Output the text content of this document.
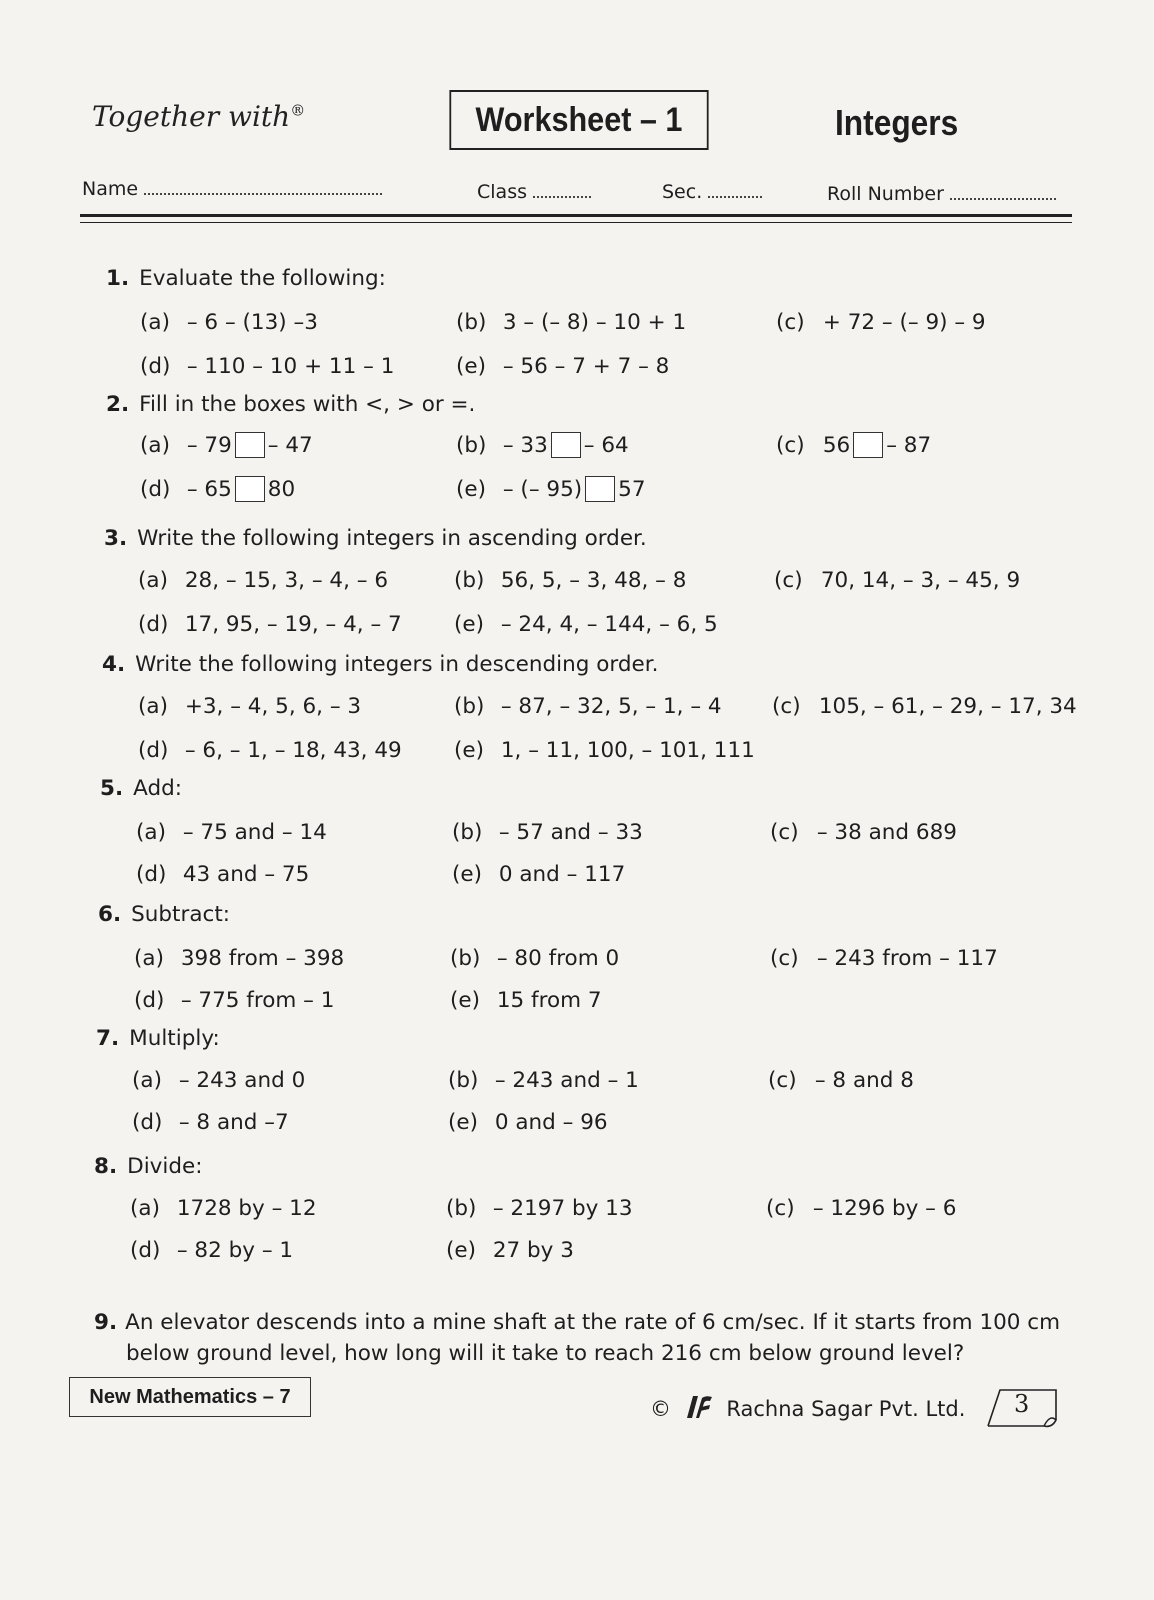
Together with®	Worksheet – 1	Integers
Name	Class	Sec.	Roll Number
1. Evaluate the following:
(a) – 6 – (13) –3	(b) 3 – (– 8) – 10 + 1	(c) + 72 – (– 9) – 9
(d) – 110 – 10 + 11 – 1	(e) – 56 – 7 + 7 – 8
2. Fill in the boxes with <, > or =.
(a) – 79 – 47	(b) – 33 – 64	(c) 56 – 87
(d) – 65 80	(e) – (– 95) 57
3. Write the following integers in ascending order.
(a) 28, – 15, 3, – 4, – 6	(b) 56, 5, – 3, 48, – 8	(c) 70, 14, – 3, – 45, 9
(d) 17, 95, – 19, – 4, – 7 (e) – 24, 4, – 144, – 6, 5
4. Write the following integers in descending order.
(a) +3, – 4, 5, 6, – 3	(b) – 87, – 32, 5, – 1, – 4 (c) 105, – 61, – 29, – 17, 34
(d) – 6, – 1, – 18, 43, 49 (e) 1, – 11, 100, – 101, 111
5. Add:
(a) – 75 and – 14	(b) – 57 and – 33	(c) – 38 and 689
(d) 43 and – 75	(e) 0 and – 117
6. Subtract:
(a) 398 from – 398	(b) – 80 from 0	(c) – 243 from – 117
(d) – 775 from – 1	(e) 15 from 7
7. Multiply:
(a) – 243 and 0	(b) – 243 and – 1	(c) – 8 and 8
(d) – 8 and –7	(e) 0 and – 96
8. Divide:
(a) 1728 by – 12	(b) – 2197 by 13	(c) – 1296 by – 6
(d) – 82 by – 1	(e) 27 by 3
9. An elevator descends into a mine shaft at the rate of 6 cm/sec. If it starts from 100 cm
below ground level, how long will it take to reach 216 cm below ground level?
New Mathematics – 7
©	Rachna Sagar Pvt. Ltd. 3
